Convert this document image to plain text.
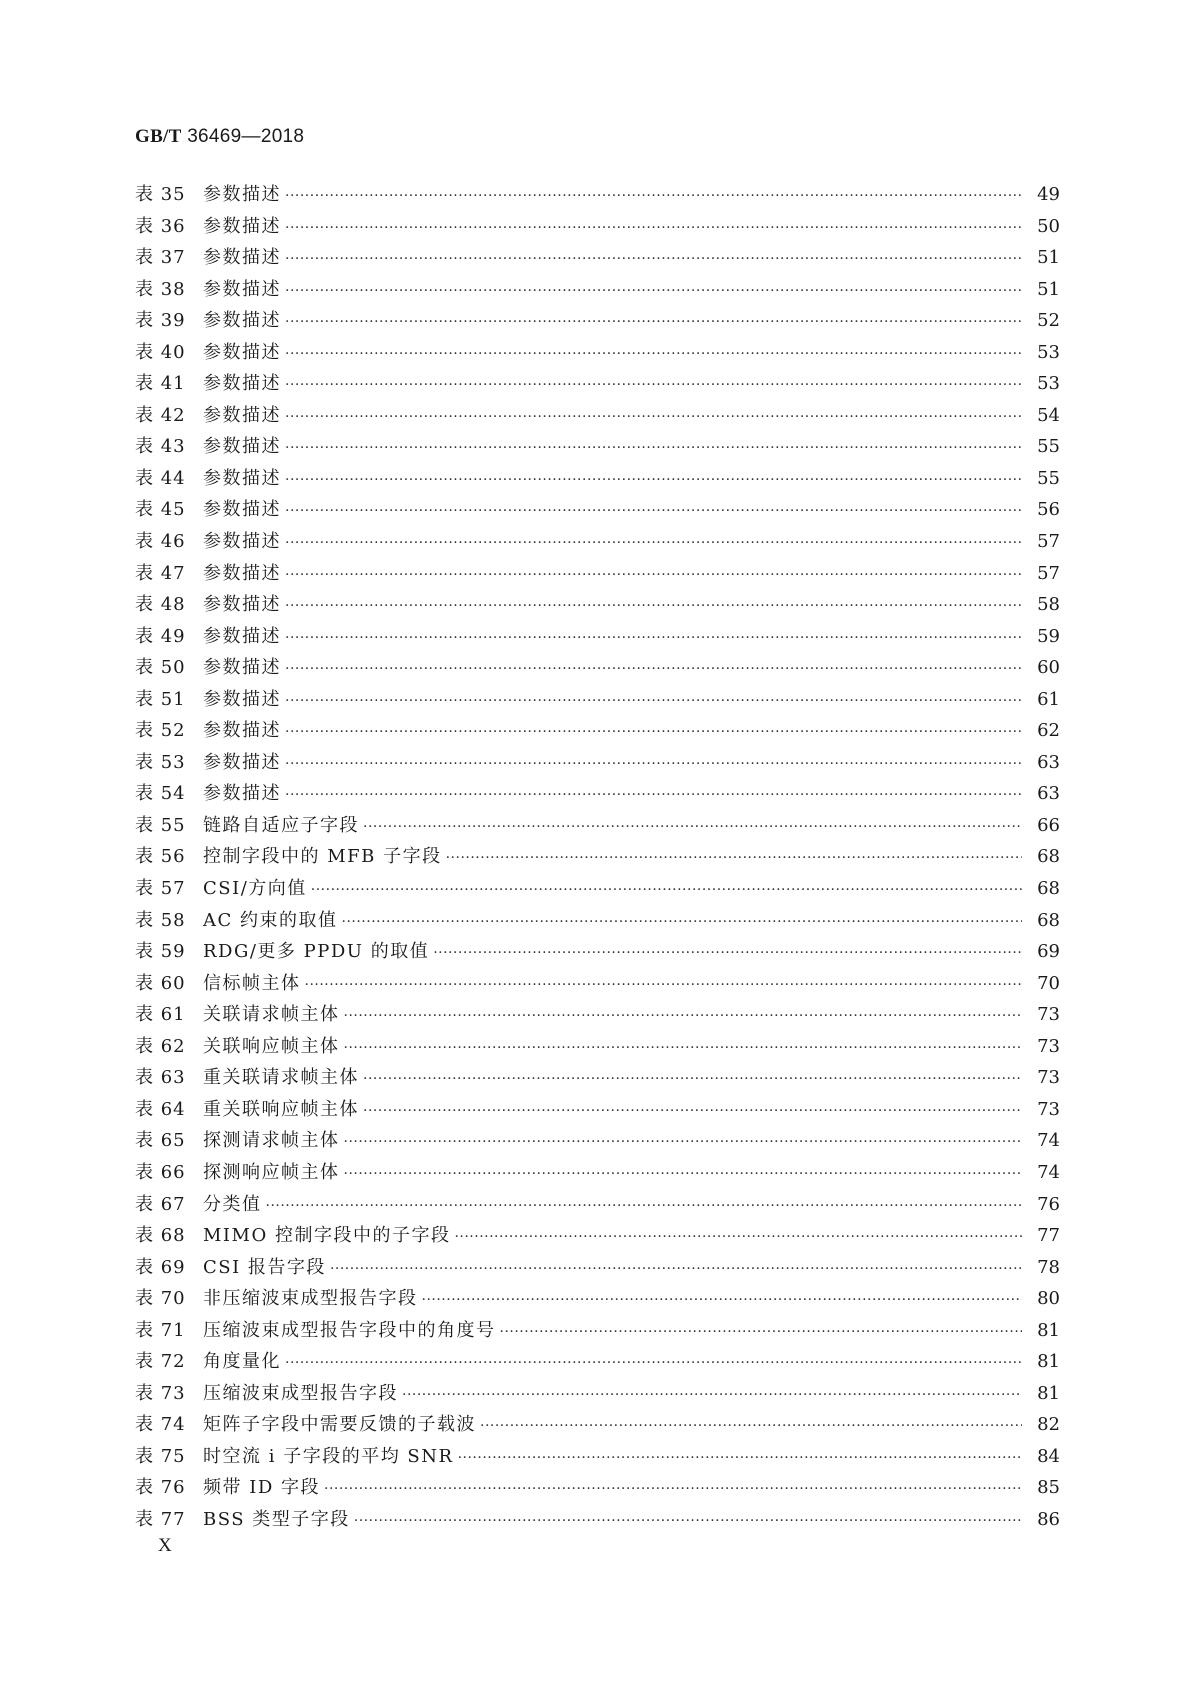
GB/T 36469—2018
表 35 参数描述 ·····	49
表 36 参数描述 ·····	50
表 37 参数描述 ·····	51
表 38 参数描述 ·····	51
表 39 参数描述 ·····	52
表 40 参数描述 ·····	53
表 41 参数描述 ·····	53
表 42 参数描述 ·····	54
表 43 参数描述 ·····	55
表 44 参数描述 ·····	55
表 45 参数描述 ·····	56
表 46 参数描述 ·····	57
表 47 参数描述 ·····	57
表 48 参数描述 ·····	58
表 49 参数描述 ·····	59
表 50 参数描述 ·····	60
表 51 参数描述 ·····	61
表 52 参数描述 ·····	62
表 53 参数描述 ·····	63
表 54 参数描述 ·····	63
表 55 链路自适应子字段 ·····	66
表 56 控制字段中的 MFB 子字段 ·····	68
表 57 CSI/方向值 ·····	68
表 58 AC 约束的取值 ·····	68
表 59 RDG/更多 PPDU 的取值 ·····	69
表 60 信标帧主体 ·····	70
表 61 关联请求帧主体 ·····	73
表 62 关联响应帧主体 ·····	73
表 63 重关联请求帧主体 ·····	73
表 64 重关联响应帧主体 ·····	73
表 65 探测请求帧主体 ·····	74
表 66 探测响应帧主体 ·····	74
表 67 分类值 ·····	76
表 68 MIMO 控制字段中的子字段 ·····	77
表 69 CSI 报告字段 ·····	78
表 70 非压缩波束成型报告字段 ·····	80
表 71 压缩波束成型报告字段中的角度号 ·····	81
表 72 角度量化 ·····	81
表 73 压缩波束成型报告字段 ·····	81
表 74 矩阵子字段中需要反馈的子载波 ·····	82
表 75 时空流 i 子字段的平均 SNR ·····	84
表 76 频带 ID 字段 ·····	85
表 77 BSS 类型子字段 ·····	86
X
